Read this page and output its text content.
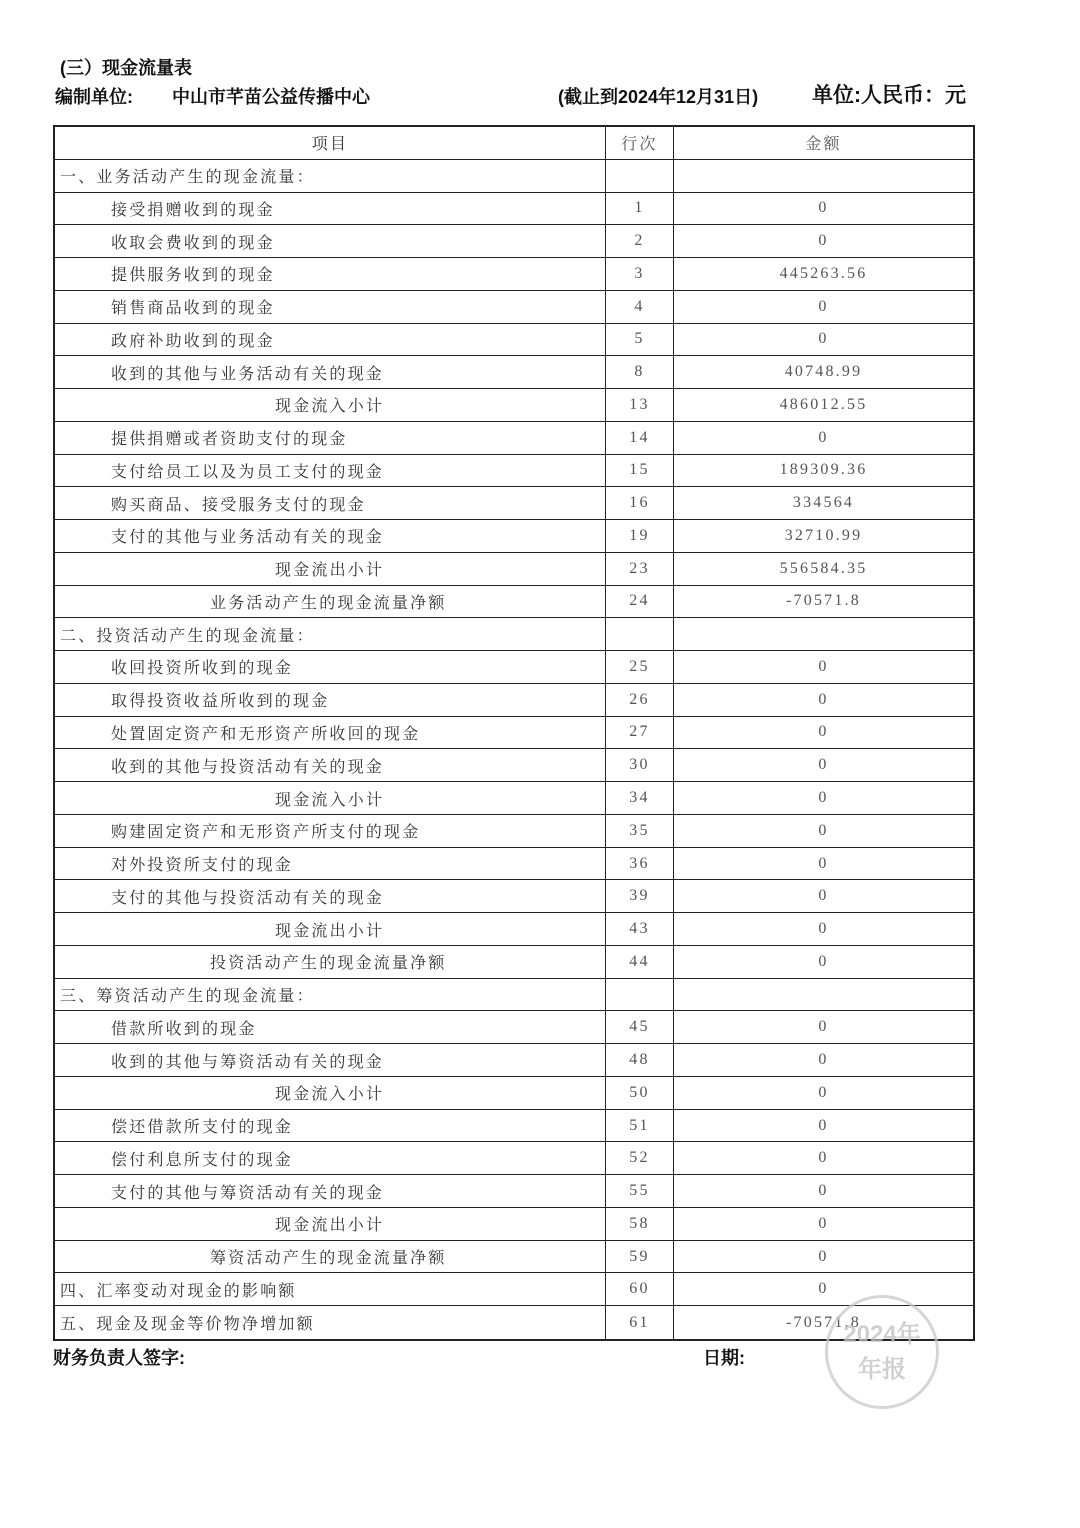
(三）现金流量表
编制单位: 中山市芊苗公益传播中心	(截止到2024年12月31日)	单位:人民币：元
项目	行次	金额
一、业务活动产生的现金流量：
接受捐赠收到的现金	1	0
收取会费收到的现金	2	0
提供服务收到的现金	3	445263.56
销售商品收到的现金	4	0
政府补助收到的现金	5	0
收到的其他与业务活动有关的现金	8	40748.99
现金流入小计	13	486012.55
提供捐赠或者资助支付的现金	14	0
支付给员工以及为员工支付的现金	15	189309.36
购买商品、接受服务支付的现金	16	334564
支付的其他与业务活动有关的现金	19	32710.99
现金流出小计	23	556584.35
业务活动产生的现金流量净额	24	-70571.8
二、投资活动产生的现金流量：
收回投资所收到的现金	25	0
取得投资收益所收到的现金	26	0
处置固定资产和无形资产所收回的现金	27	0
收到的其他与投资活动有关的现金	30	0
现金流入小计	34	0
购建固定资产和无形资产所支付的现金	35	0
对外投资所支付的现金	36	0
支付的其他与投资活动有关的现金	39	0
现金流出小计	43	0
投资活动产生的现金流量净额	44	0
三、筹资活动产生的现金流量：
借款所收到的现金	45	0
收到的其他与筹资活动有关的现金	48	0
现金流入小计	50	0
偿还借款所支付的现金	51	0
偿付利息所支付的现金	52	0
支付的其他与筹资活动有关的现金	55	0
现金流出小计	58	0
筹资活动产生的现金流量净额	59	0
四、汇率变动对现金的影响额	60	0
五、现金及现金等价物净增加额	61	-70571.8
财务负责人签字:	日期:
2024年
年报
